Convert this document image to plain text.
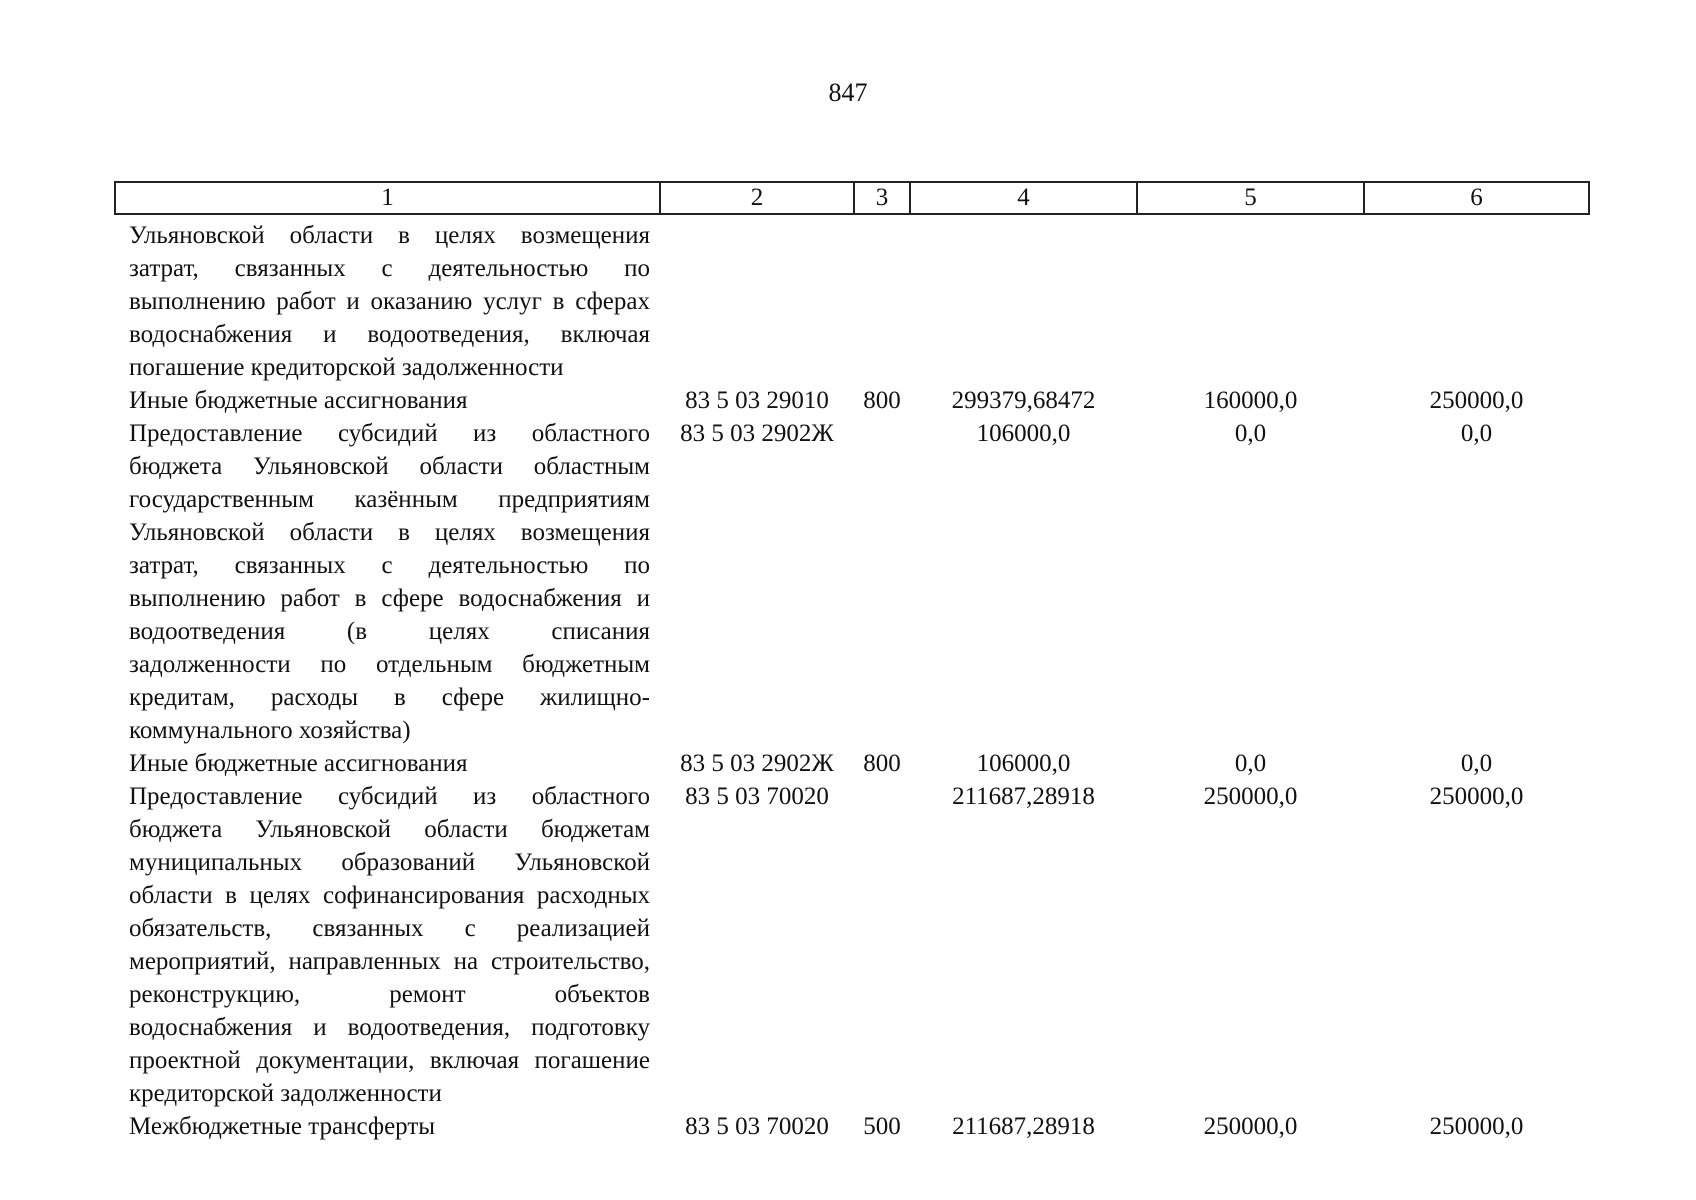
847
1	2	3	4	5	6
Ульяновской области в целях возмещения затрат, связанных с деятельностью по выполнению работ и оказанию услуг в сферах водоснабжения и водоотведения, включая погашение кредиторской задолженности					
Иные бюджетные ассигнования	83 5 03 29010	800	299379,68472	160000,0	250000,0
Предоставление субсидий из областного бюджета Ульяновской области областным государственным казённым предприятиям Ульяновской области в целях возмещения затрат, связанных с деятельностью по выполнению работ в сфере водоснабжения и водоотведения (в целях списания задолженности по отдельным бюджетным кредитам, расходы в сфере жилищно-коммунального хозяйства)	83 5 03 2902Ж		106000,0	0,0	0,0
Иные бюджетные ассигнования	83 5 03 2902Ж	800	106000,0	0,0	0,0
Предоставление субсидий из областного бюджета Ульяновской области бюджетам муниципальных образований Ульяновской области в целях софинансирования расходных обязательств, связанных с реализацией мероприятий, направленных на строительство, реконструкцию, ремонт объектов водоснабжения и водоотведения, подготовку проектной документации, включая погашение кредиторской задолженности	83 5 03 70020		211687,28918	250000,0	250000,0
Межбюджетные трансферты	83 5 03 70020	500	211687,28918	250000,0	250000,0
